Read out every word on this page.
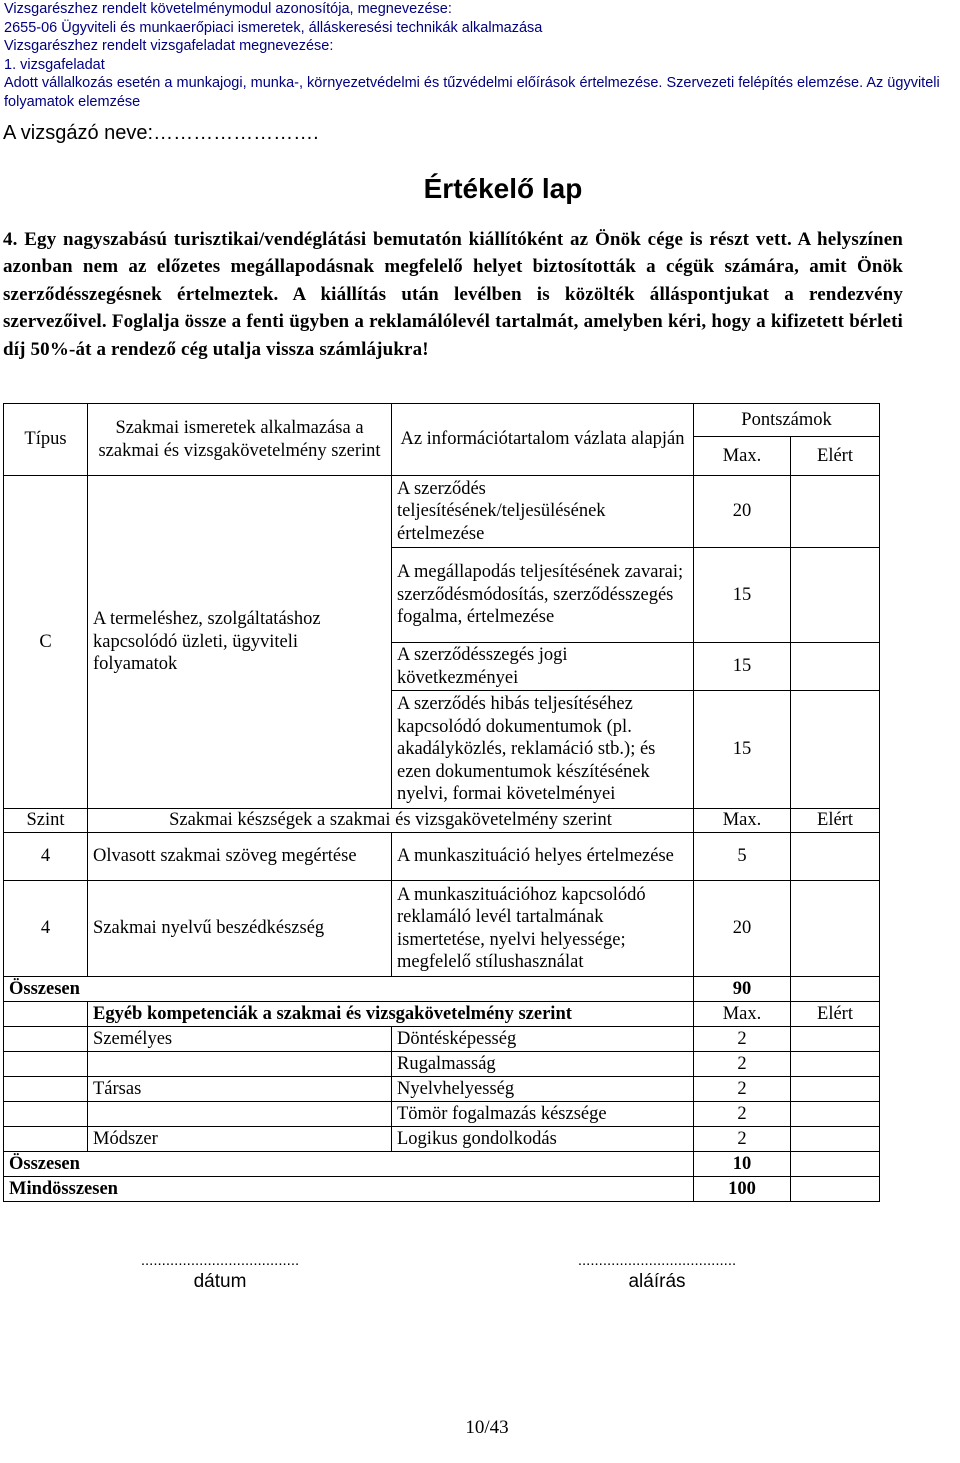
Vizsgarészhez rendelt követelménymodul azonosítója, megnevezése:
2655-06 Ügyviteli és munkaerőpiaci ismeretek, álláskeresési technikák alkalmazása
Vizsgarészhez rendelt vizsgafeladat megnevezése:
1. vizsgafeladat
Adott vállalkozás esetén a munkajogi, munka-, környezetvédelmi és tűzvédelmi előírások értelmezése. Szervezeti felépítés elemzése. Az ügyviteli folyamatok elemzése
A vizsgázó neve:…………………….
Értékelő lap
4. Egy nagyszabású turisztikai/vendéglátási bemutatón kiállítóként az Önök cége is részt vett. A helyszínen azonban nem az előzetes megállapodásnak megfelelő helyet biztosították a cégük számára, amit Önök szerződésszegésnek értelmeztek. A kiállítás után levélben is közölték álláspontjukat a rendezvény szervezőivel. Foglalja össze a fenti ügyben a reklamálólevél tartalmát, amelyben kéri, hogy a kifizetett bérleti díj 50%-át a rendező cég utalja vissza számlájukra!
Típus	Szakmai ismeretek alkalmazása a szakmai és vizsgakövetelmény szerint	Az információtartalom vázlata alapján	Pontszámok	
			Max.	Elért
C	A termeléshez, szolgáltatáshoz kapcsolódó üzleti, ügyviteli folyamatok	A szerződés teljesítésének/teljesülésének értelmezése	20	
		A megállapodás teljesítésének zavarai; szerződésmódosítás, szerződésszegés fogalma, értelmezése	15	
		A szerződésszegés jogi következményei	15	
		A szerződés hibás teljesítéséhez kapcsolódó dokumentumok (pl. akadályközlés, reklamáció stb.); és ezen dokumentumok készítésének nyelvi, formai követelményei	15	
Szint	Szakmai készségek a szakmai és vizsgakövetelmény szerint		Max.	Elért
4	Olvasott szakmai szöveg megértése	A munkaszituáció helyes értelmezése	5	
4	Szakmai nyelvű beszédkészség	A munkaszituációhoz kapcsolódó reklamáló levél tartalmának ismertetése, nyelvi helyessége; megfelelő stílushasználat	20	
Összesen			90	
	Egyéb kompetenciák a szakmai és vizsgakövetelmény szerint		Max.	Elért
	Személyes	Döntésképesség	2	
		Rugalmasság	2	
	Társas	Nyelvhelyesség	2	
		Tömör fogalmazás készsége	2	
	Módszer	Logikus gondolkodás	2	
Összesen			10	
Mindösszesen			100	
......................................
dátum
......................................
aláírás
10/43
